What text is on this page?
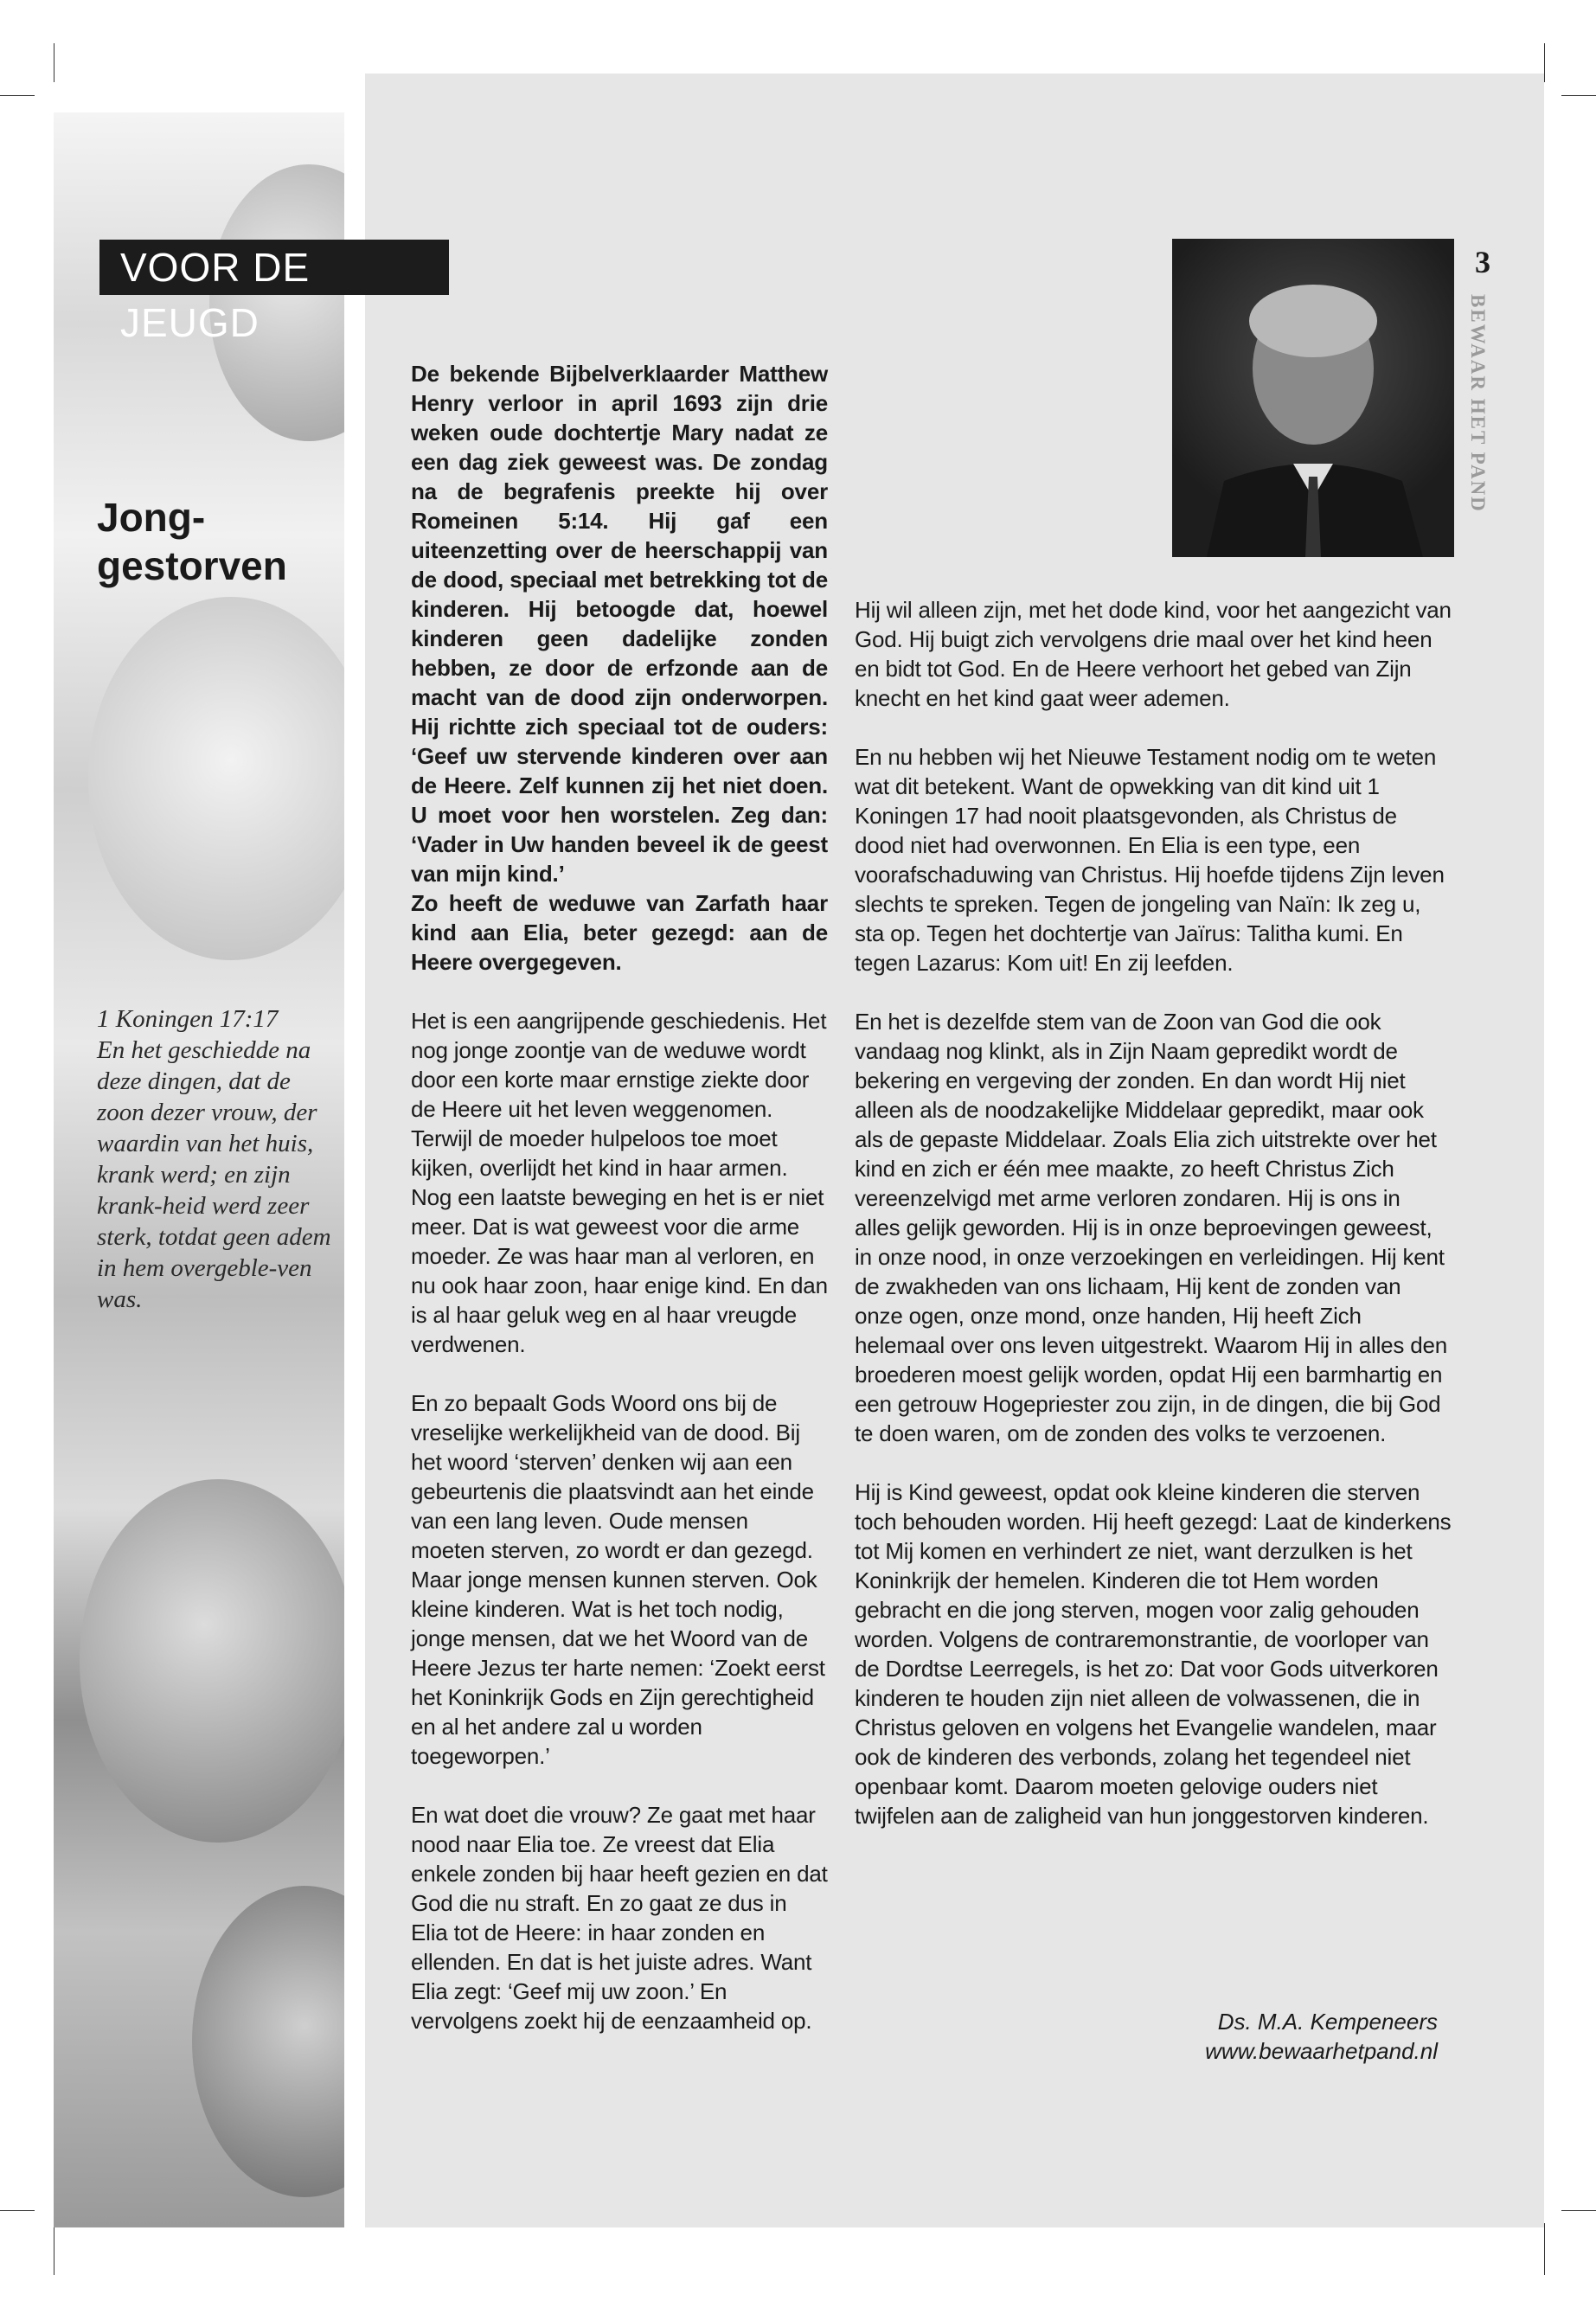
VOOR DE JEUGD
Jong-
gestorven
1 Koningen 17:17
En het geschiedde na deze dingen, dat de zoon dezer vrouw, der waardin van het huis, krank werd; en zijn krank-heid werd zeer sterk, totdat geen adem in hem overgeble-ven was.

De bekende Bijbelverklaarder Matthew Henry verloor in april 1693 zijn drie weken oude dochtertje Mary nadat ze een dag ziek geweest was. De zondag na de begrafenis preekte hij over Romeinen 5:14. Hij gaf een uiteenzetting over de heerschappij van de dood, speciaal met betrekking tot de kinderen. Hij betoogde dat, hoewel kinderen geen dadelijke zonden hebben, ze door de erfzonde aan de macht van de dood zijn onderworpen. Hij richtte zich speciaal tot de ouders: ‘Geef uw stervende kinderen over aan de Heere. Zelf kunnen zij het niet doen. U moet voor hen worstelen. Zeg dan: ‘Vader in Uw handen beveel ik de geest van mijn kind.’
Zo heeft de weduwe van Zarfath haar kind aan Elia, beter gezegd: aan de Heere overgegeven.

Het is een aangrijpende geschiedenis. Het nog jonge zoontje van de weduwe wordt door een korte maar ernstige ziekte door de Heere uit het leven weggenomen. Terwijl de moeder hulpeloos toe moet kijken, overlijdt het kind in haar armen. Nog een laatste beweging en het is er niet meer. Dat is wat geweest voor die arme moeder. Ze was haar man al verloren, en nu ook haar zoon, haar enige kind. En dan is al haar geluk weg en al haar vreugde verdwenen.

En zo bepaalt Gods Woord ons bij de vreselijke werkelijkheid van de dood. Bij het woord ‘sterven’ denken wij aan een gebeurtenis die plaatsvindt aan het einde van een lang leven. Oude mensen moeten sterven, zo wordt er dan gezegd. Maar jonge mensen kunnen sterven. Ook kleine kinderen. Wat is het toch nodig, jonge mensen, dat we het Woord van de Heere Jezus ter harte nemen: ‘Zoekt eerst het Koninkrijk Gods en Zijn gerechtigheid en al het andere zal u worden toegeworpen.’

En wat doet die vrouw? Ze gaat met haar nood naar Elia toe. Ze vreest dat Elia enkele zonden bij haar heeft gezien en dat God die nu straft. En zo gaat ze dus in Elia tot de Heere: in haar zonden en ellenden. En dat is het juiste adres. Want Elia zegt: ‘Geef mij uw zoon.’ En vervolgens zoekt hij de eenzaamheid op.

3
BEWAAR HET PAND

Hij wil alleen zijn, met het dode kind, voor het aangezicht van God. Hij buigt zich vervolgens drie maal over het kind heen en bidt tot God. En de Heere verhoort het gebed van Zijn knecht en het kind gaat weer ademen.

En nu hebben wij het Nieuwe Testament nodig om te weten wat dit betekent. Want de opwekking van dit kind uit 1 Koningen 17 had nooit plaatsgevonden, als Christus de dood niet had overwonnen. En Elia is een type, een voorafschaduwing van Christus. Hij hoefde tijdens Zijn leven slechts te spreken. Tegen de jongeling van Naïn: Ik zeg u, sta op. Tegen het dochtertje van Jaïrus: Talitha kumi. En tegen Lazarus: Kom uit! En zij leefden.

En het is dezelfde stem van de Zoon van God die ook vandaag nog klinkt, als in Zijn Naam gepredikt wordt de bekering en vergeving der zonden. En dan wordt Hij niet alleen als de noodzakelijke Middelaar gepredikt, maar ook als de gepaste Middelaar. Zoals Elia zich uitstrekte over het kind en zich er één mee maakte, zo heeft Christus Zich vereenzelvigd met arme verloren zondaren. Hij is ons in alles gelijk geworden. Hij is in onze beproevingen geweest, in onze nood, in onze verzoekingen en verleidingen. Hij kent de zwakheden van ons lichaam, Hij kent de zonden van onze ogen, onze mond, onze handen, Hij heeft Zich helemaal over ons leven uitgestrekt. Waarom Hij in alles den broederen moest gelijk worden, opdat Hij een barmhartig en een getrouw Hogepriester zou zijn, in de dingen, die bij God te doen waren, om de zonden des volks te verzoenen.

Hij is Kind geweest, opdat ook kleine kinderen die sterven toch behouden worden. Hij heeft gezegd: Laat de kinderkens tot Mij komen en verhindert ze niet, want derzulken is het Koninkrijk der hemelen. Kinderen die tot Hem worden gebracht en die jong sterven, mogen voor zalig gehouden worden. Volgens de contraremonstrantie, de voorloper van de Dordtse Leerregels, is het zo: Dat voor Gods uitverkoren kinderen te houden zijn niet alleen de volwassenen, die in Christus geloven en volgens het Evangelie wandelen, maar ook de kinderen des verbonds, zolang het tegendeel niet openbaar komt. Daarom moeten gelovige ouders niet twijfelen aan de zaligheid van hun jonggestorven kinderen.

Ds. M.A. Kempeneers
www.bewaarhetpand.nl
